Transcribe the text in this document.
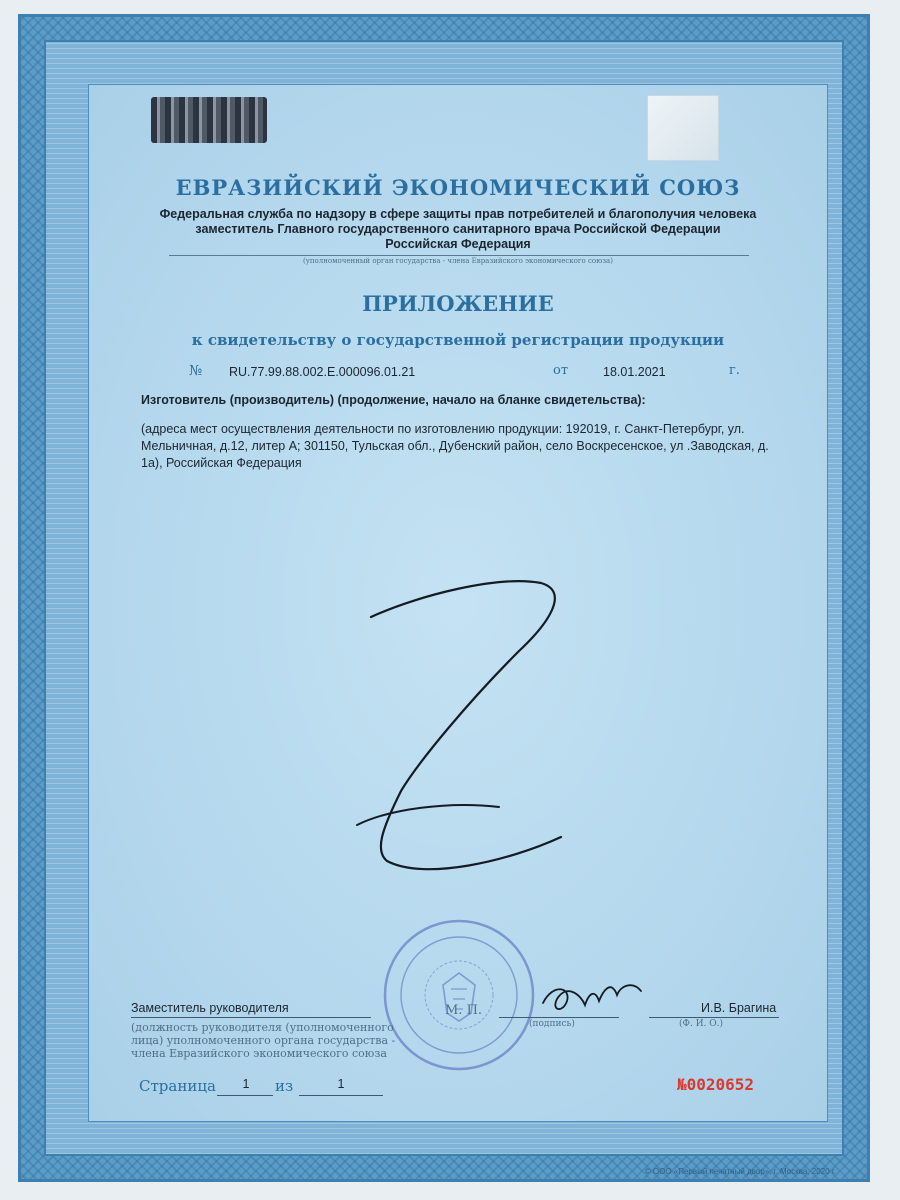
ЕВРАЗИЙСКИЙ ЭКОНОМИЧЕСКИЙ СОЮЗ
Федеральная служба по надзору в сфере защиты прав потребителей и благополучия человека
заместитель Главного государственного санитарного врача Российской Федерации
Российская Федерация
(уполномоченный орган государства - члена Евразийского экономического союза)
ПРИЛОЖЕНИЕ
к свидетельству о государственной регистрации продукции
№ RU.77.99.88.002.Е.000096.01.21	от	18.01.2021	г.
Изготовитель (производитель) (продолжение, начало на бланке свидетельства):
(адреса мест осуществления деятельности по изготовлению продукции: 192019, г. Санкт-Петербург, ул. Мельничная, д.12, литер А; 301150, Тульская обл., Дубенский район, село Воскресенское, ул .Заводская, д. 1а), Российская Федерация
Заместитель руководителя	М. П.	И.В. Брагина
(подпись)	(Ф. И. О.)
(должность руководителя (уполномоченного лица) уполномоченного органа государства - члена Евразийского экономического союза
Страница	1	из	1	№0020652
© ООО «Первый печатный двор», г. Москва, 2020 г.
